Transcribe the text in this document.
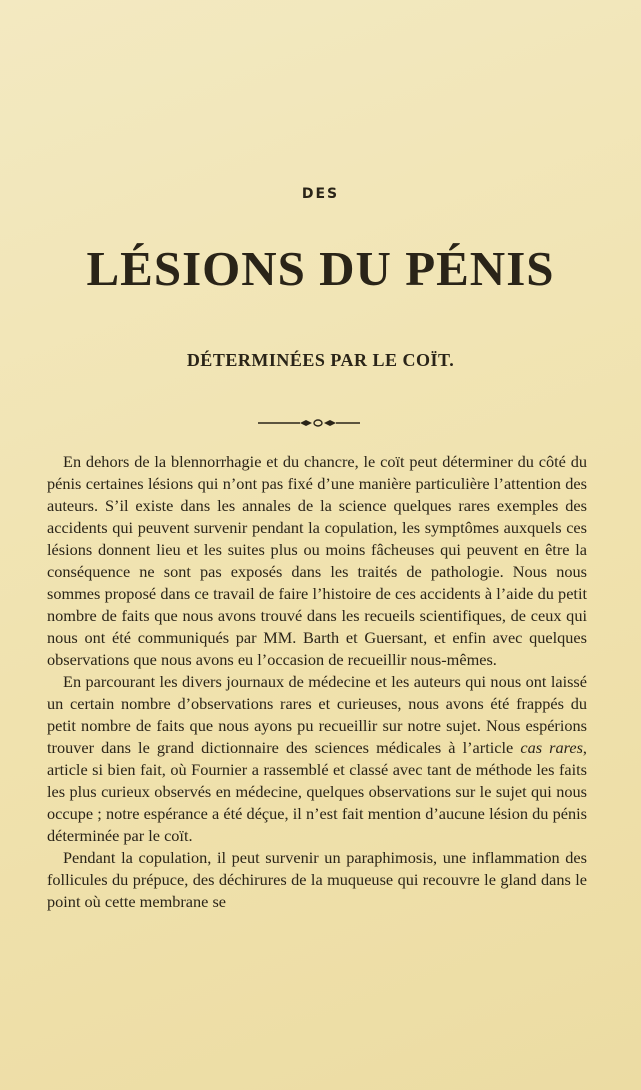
DES
LÉSIONS DU PÉNIS
DÉTERMINÉES PAR LE COÏT.

En dehors de la blennorrhagie et du chancre, le coït peut déterminer du côté du pénis certaines lésions qui n’ont pas fixé d’une manière particulière l’attention des auteurs. S’il existe dans les annales de la science quelques rares exemples des accidents qui peuvent survenir pendant la copulation, les symptômes auxquels ces lésions donnent lieu et les suites plus ou moins fâcheuses qui peuvent en être la conséquence ne sont pas exposés dans les traités de pathologie. Nous nous sommes proposé dans ce travail de faire l’histoire de ces accidents à l’aide du petit nombre de faits que nous avons trouvé dans les recueils scientifiques, de ceux qui nous ont été communiqués par MM. Barth et Guersant, et enfin avec quelques observations que nous avons eu l’occasion de recueillir nous-mêmes.

En parcourant les divers journaux de médecine et les auteurs qui nous ont laissé un certain nombre d’observations rares et curieuses, nous avons été frappés du petit nombre de faits que nous ayons pu recueillir sur notre sujet. Nous espérions trouver dans le grand dictionnaire des sciences médicales à l’article cas rares, article si bien fait, où Fournier a rassemblé et classé avec tant de méthode les faits les plus curieux observés en médecine, quelques observations sur le sujet qui nous occupe ; notre espérance a été déçue, il n’est fait mention d’aucune lésion du pénis déterminée par le coït.

Pendant la copulation, il peut survenir un paraphimosis, une inflammation des follicules du prépuce, des déchirures de la muqueuse qui recouvre le gland dans le point où cette membrane se
